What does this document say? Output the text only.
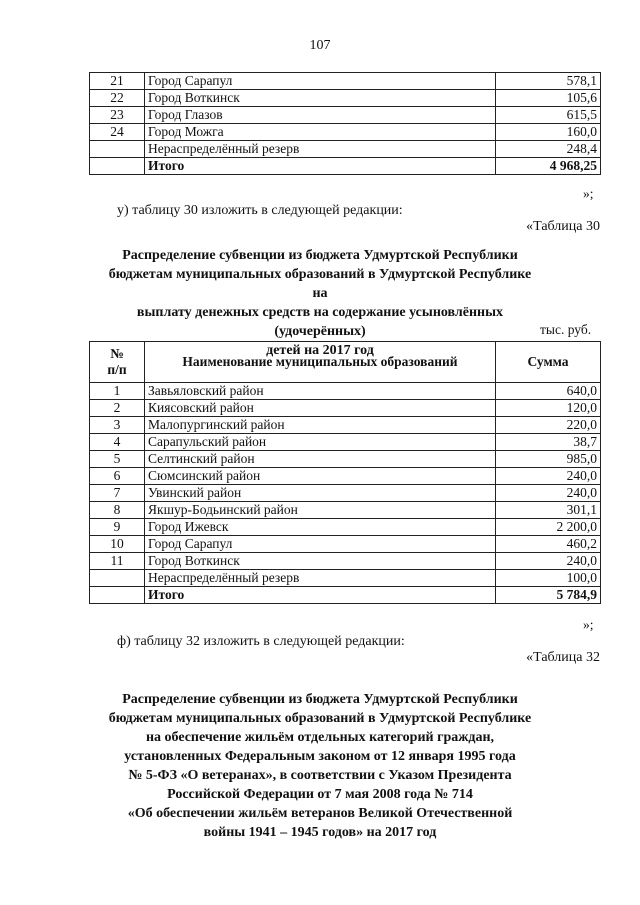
107
21	Город Сарапул	578,1
22	Город Воткинск	105,6
23	Город Глазов	615,5
24	Город Можга	160,0
	Нераспределённый резерв	248,4
	Итого	4 968,25
»;
у) таблицу 30 изложить в следующей редакции:
«Таблица 30
Распределение субвенции из бюджета Удмуртской Республики
бюджетам муниципальных образований в Удмуртской Республике на
выплату денежных средств на содержание усыновлённых (удочерённых)
детей на 2017 год
тыс. руб.
№
п/п	Наименование муниципальных образований	Сумма
1	Завьяловский район	640,0
2	Киясовский район	120,0
3	Малопургинский район	220,0
4	Сарапульский район	38,7
5	Селтинский район	985,0
6	Сюмсинский район	240,0
7	Увинский район	240,0
8	Якшур-Бодьинский район	301,1
9	Город Ижевск	2 200,0
10	Город Сарапул	460,2
11	Город Воткинск	240,0
	Нераспределённый резерв	100,0
	Итого	5 784,9
»;
ф) таблицу 32 изложить в следующей редакции:
«Таблица 32
Распределение субвенции из бюджета Удмуртской Республики
бюджетам муниципальных образований в Удмуртской Республике
на обеспечение жильём отдельных категорий граждан,
установленных Федеральным законом от 12 января 1995 года
№ 5-ФЗ «О ветеранах», в соответствии с Указом Президента
Российской Федерации от 7 мая 2008 года № 714
«Об обеспечении жильём ветеранов Великой Отечественной
войны 1941 – 1945 годов» на 2017 год
